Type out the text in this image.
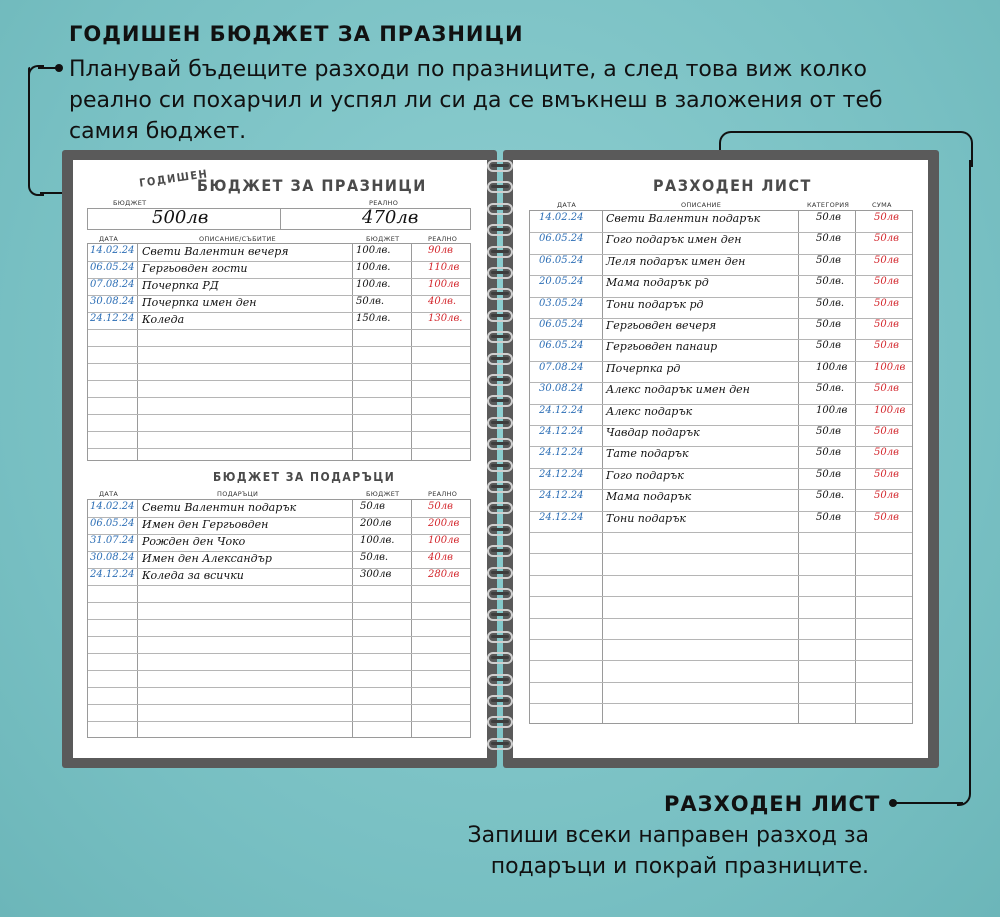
ГОДИШЕН БЮДЖЕТ ЗА ПРАЗНИЦИ
Планувай бъдещите разходи по празниците, а след това виж колко
реално си похарчил и успял ли си да се вмъкнеш в заложения от теб
самия бюджет.
РАЗХОДЕН ЛИСТ
Запиши всеки направен разход за
подаръци и покрай празниците.
ГОДИШЕН
БЮДЖЕТ ЗА ПРАЗНИЦИ
БЮДЖЕТ	РЕАЛНО
500лв	470лв
ДАТА	ОПИСАНИЕ/СЪБИТИЕ	БЮДЖЕТ	РЕАЛНО
14.02.24 Свети Валентин вечеря	100лв.	90лв
06.05.24 Гергьовден гости	100лв.	110лв
07.08.24 Почерпка РД	100лв.	100лв
30.08.24 Почерпка имен ден	50лв.	40лв.
24.12.24 Коледа	150лв.	130лв.
БЮДЖЕТ ЗА ПОДАРЪЦИ
ДАТА	ПОДАРЪЦИ	БЮДЖЕТ	РЕАЛНО
14.02.24 Свети Валентин подарък	50лв	50лв
06.05.24 Имен ден Гергьовден	200лв	200лв
31.07.24 Рожден ден Чоко	100лв.	100лв
30.08.24 Имен ден Александър	50лв.	40лв
24.12.24 Коледа за всички	300лв	280лв
РАЗХОДЕН ЛИСТ
ДАТА	ОПИСАНИЕ	КАТЕГОРИЯ	СУМА
14.02.24 Свети Валентин подарък	50лв	50лв
06.05.24 Гого подарък имен ден	50лв	50лв
06.05.24 Леля подарък имен ден	50лв	50лв
20.05.24 Мама подарък рд	50лв.	50лв
03.05.24 Тони подарък рд	50лв.	50лв
06.05.24 Гергьовден вечеря	50лв	50лв
06.05.24 Гергьовден панаир	50лв	50лв
07.08.24 Почерпка рд	100лв	100лв
30.08.24 Алекс подарък имен ден	50лв.	50лв
24.12.24 Алекс подарък	100лв	100лв
24.12.24 Чавдар подарък	50лв	50лв
24.12.24 Тате подарък	50лв	50лв
24.12.24 Гого подарък	50лв	50лв
24.12.24 Мама подарък	50лв.	50лв
24.12.24 Тони подарък	50лв	50лв
